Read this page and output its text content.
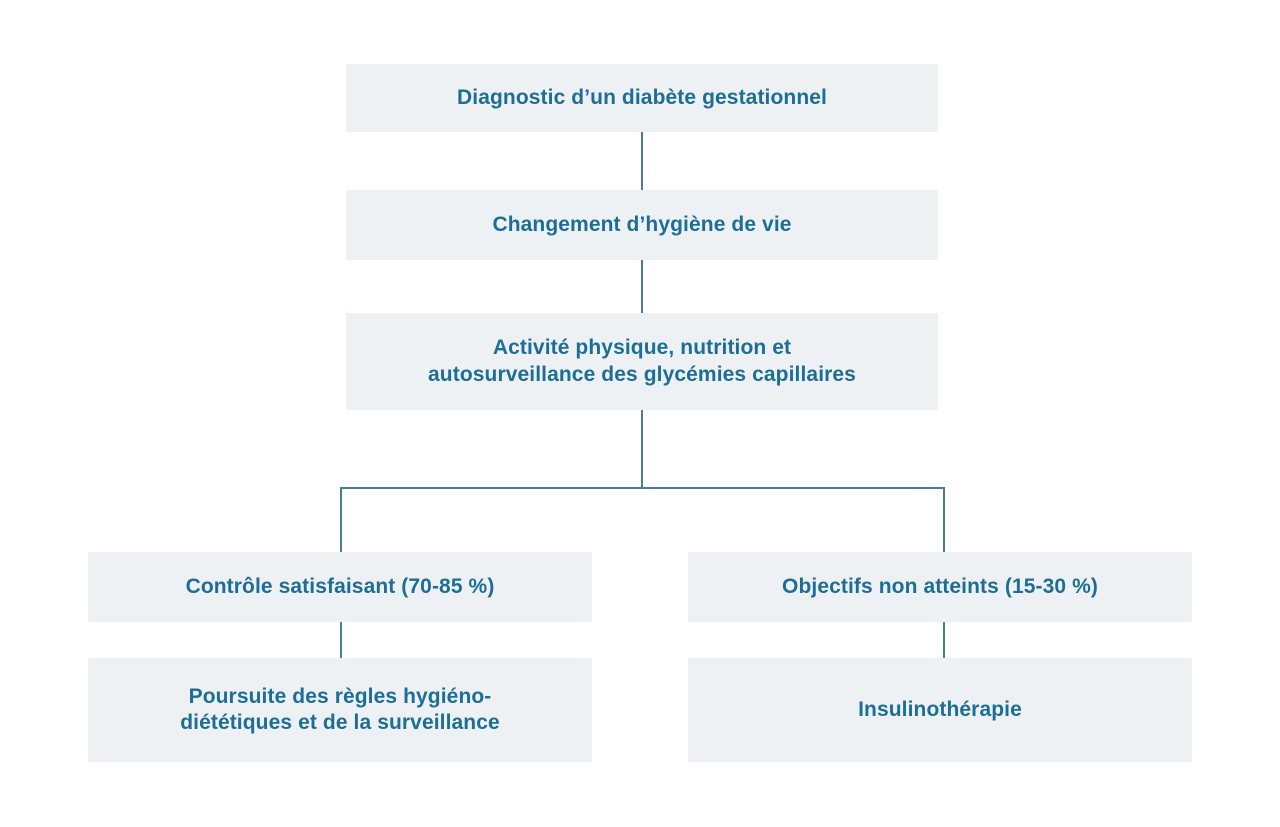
Diagnostic d’un diabète gestationnel
Changement d’hygiène de vie
Activité physique, nutrition et
autosurveillance des glycémies capillaires
Contrôle satisfaisant (70-85 %)	Objectifs non atteints (15-30 %)
Poursuite des règles hygiéno-
diététiques et de la surveillance
Insulinothérapie
